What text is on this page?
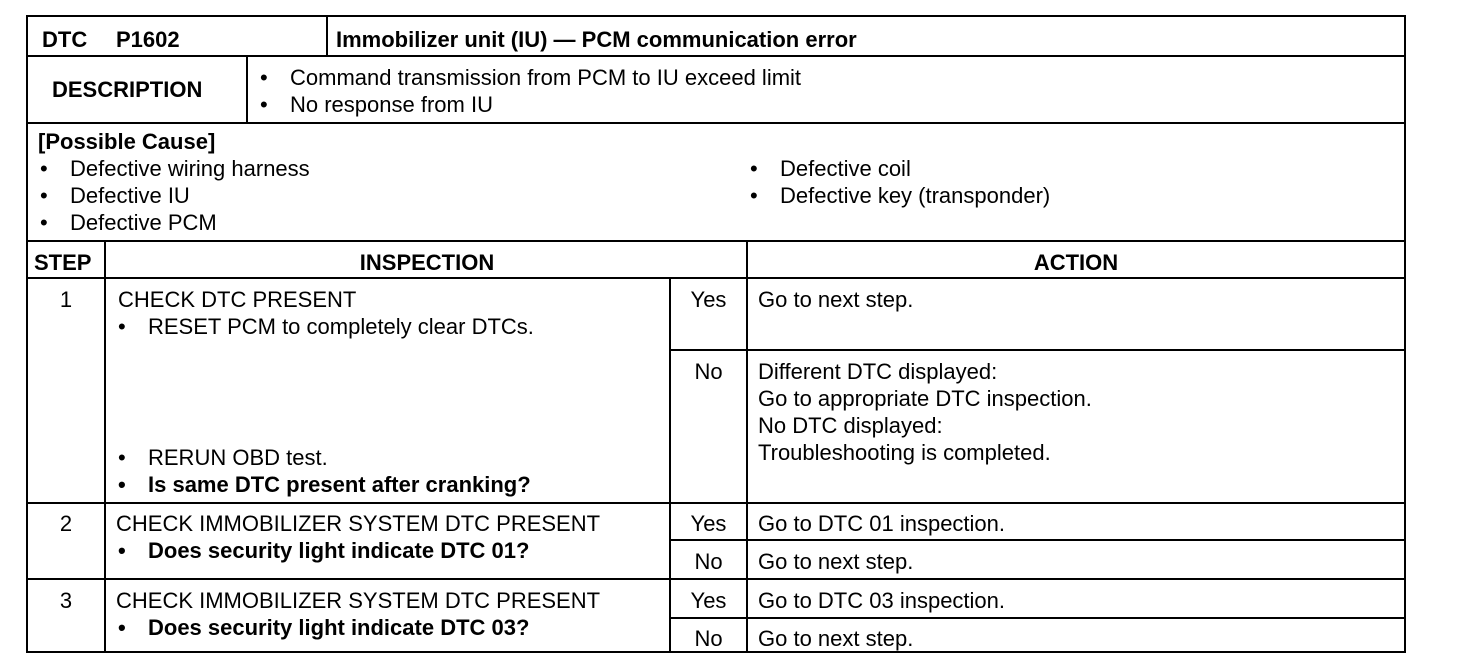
DTC P1602	Immobilizer unit (IU) — PCM communication error
DESCRIPTION
•	Command transmission from PCM to IU exceed limit
• No response from IU
[Possible Cause]
• Defective wiring harness
• Defective IU
• Defective PCM
• Defective coil
• Defective key (transponder)
STEP	INSPECTION	ACTION
1	CHECK DTC PRESENT
• RESET PCM to completely clear DTCs.
• RERUN OBD test.
• Is same DTC present after cranking?
Yes	Go to next step.
No	Different DTC displayed:
Go to appropriate DTC inspection.
No DTC displayed:
Troubleshooting is completed.
2	CHECK IMMOBILIZER SYSTEM DTC PRESENT
• Does security light indicate DTC 01?
Yes	Go to DTC 01 inspection.
No	Go to next step.
3	CHECK IMMOBILIZER SYSTEM DTC PRESENT
• Does security light indicate DTC 03?
Yes	Go to DTC 03 inspection.
No	Go to next step.
